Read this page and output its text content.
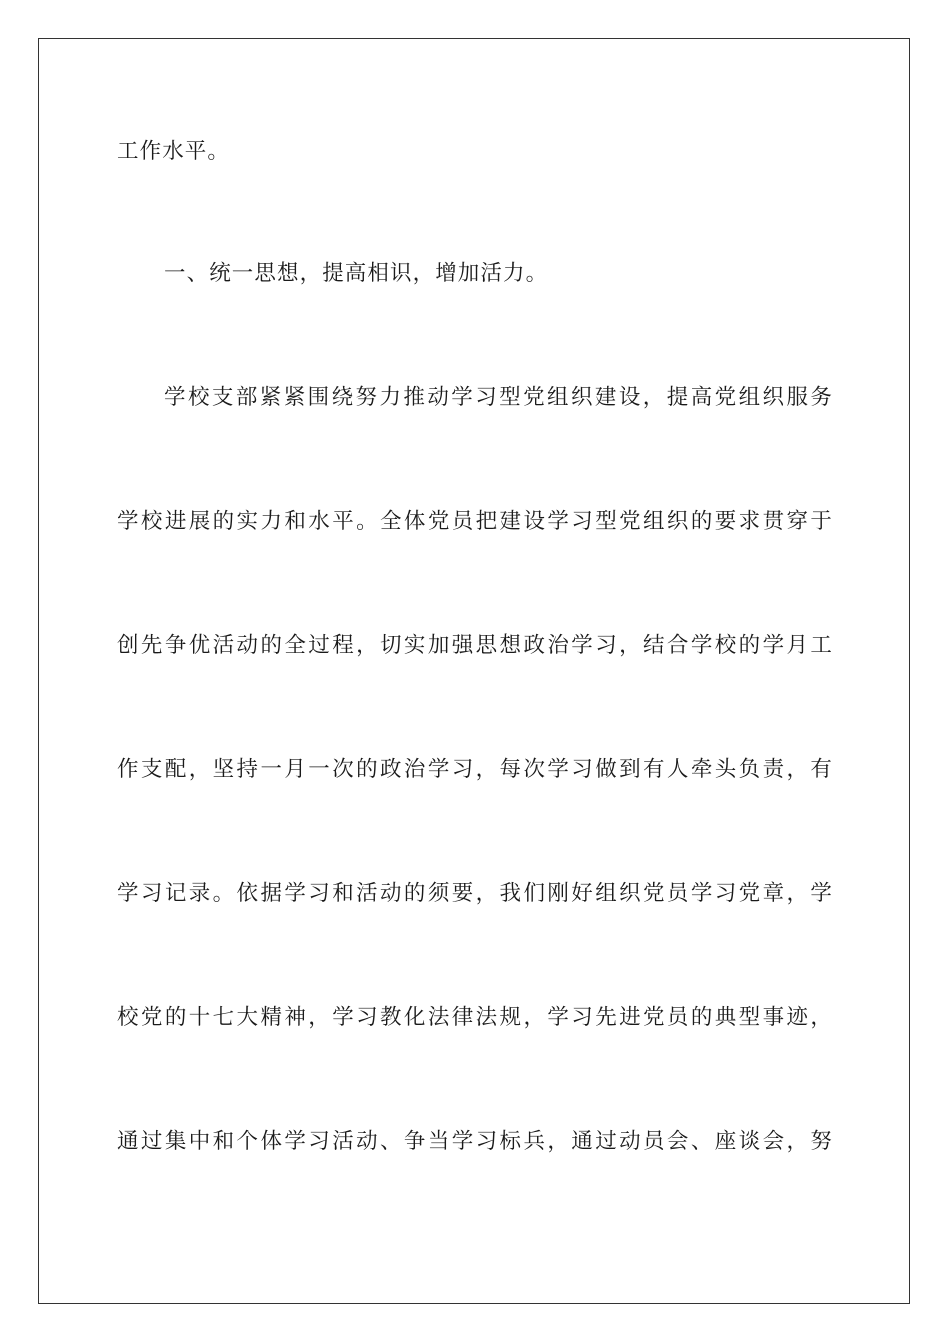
工作水平。
一、统一思想，提高相识，增加活力。
学校支部紧紧围绕努力推动学习型党组织建设，提高党组织服务
学校进展的实力和水平。全体党员把建设学习型党组织的要求贯穿于
创先争优活动的全过程，切实加强思想政治学习，结合学校的学月工
作支配，坚持一月一次的政治学习，每次学习做到有人牵头负责，有
学习记录。依据学习和活动的须要，我们刚好组织党员学习党章，学
校党的十七大精神，学习教化法律法规，学习先进党员的典型事迹，
通过集中和个体学习活动、争当学习标兵，通过动员会、座谈会，努
